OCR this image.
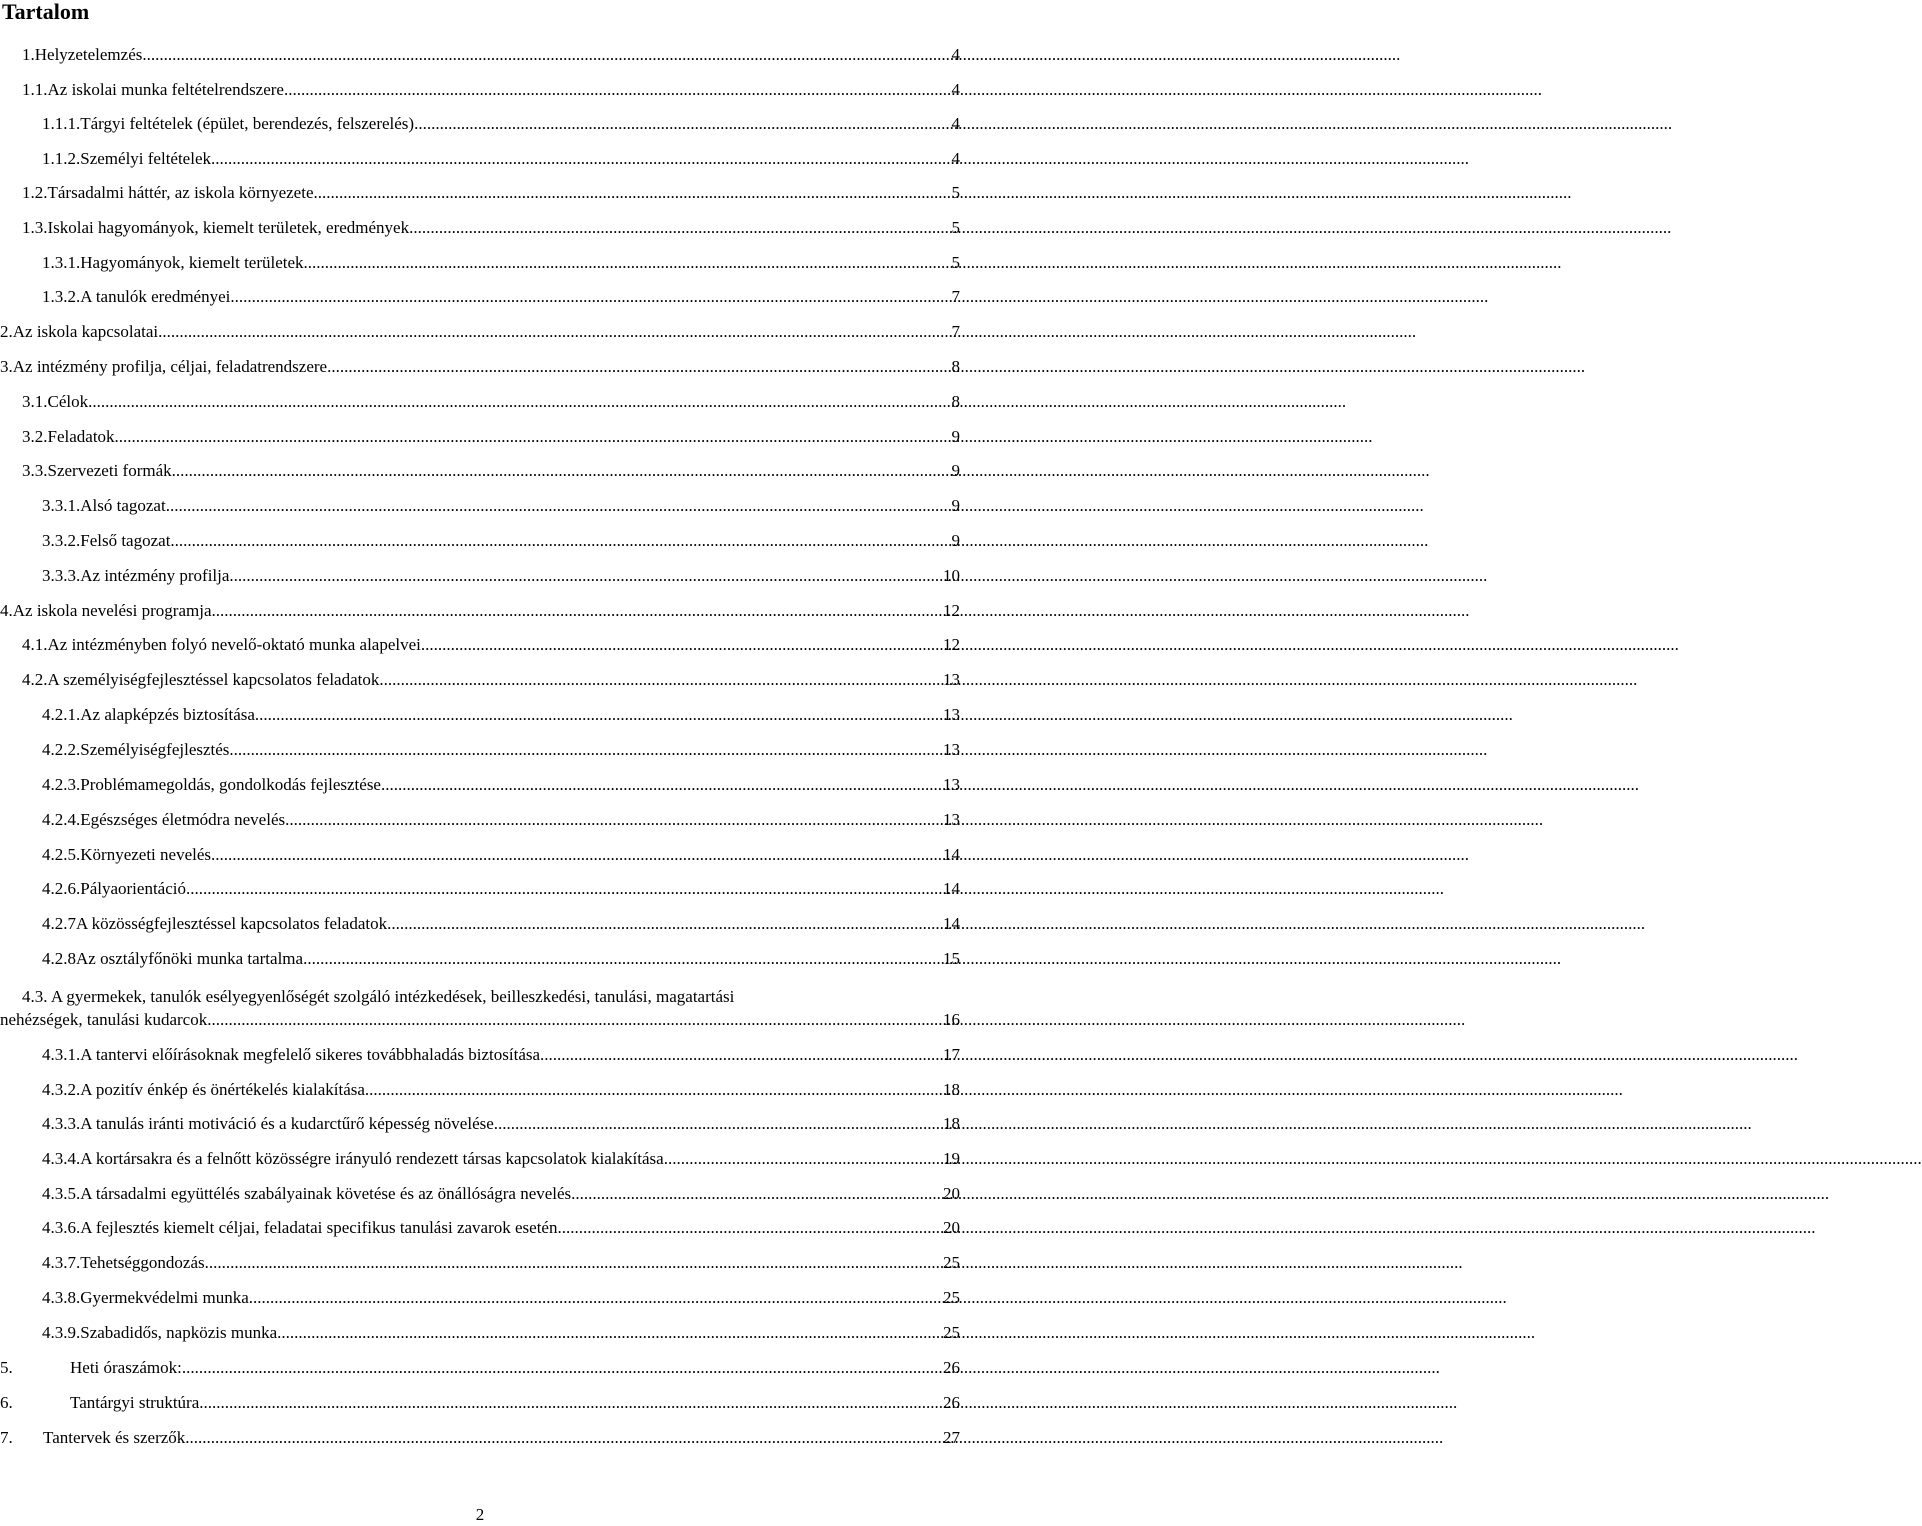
Tartalom
1. Helyzetelemzés .....	4
1.1. Az iskolai munka feltételrendszere .....	4
1.1.1. Tárgyi feltételek (épület, berendezés, felszerelés) .....	4
1.1.2. Személyi feltételek .....	4
1.2. Társadalmi háttér, az iskola környezete .....	5
1.3. Iskolai hagyományok, kiemelt területek, eredmények. .....	5
1.3.1. Hagyományok, kiemelt területek .....	5
1.3.2. A tanulók eredményei .....	7
2. Az iskola kapcsolatai .....	7
3. Az intézmény profilja, céljai, feladatrendszere .....	8
3.1. Célok .....	8
3.2. Feladatok .....	9
3.3. Szervezeti formák .....	9
3.3.1. Alsó tagozat .....	9
3.3.2. Felső tagozat .....	9
3.3.3. Az intézmény profilja .....	10
4. Az iskola nevelési programja .....	12
4.1. Az intézményben folyó nevelő-oktató munka alapelvei .....	12
4.2. A személyiségfejlesztéssel kapcsolatos feladatok .....	13
4.2.1. Az alapképzés biztosítása .....	13
4.2.2. Személyiségfejlesztés .....	13
4.2.3. Problémamegoldás, gondolkodás fejlesztése .....	13
4.2.4. Egészséges életmódra nevelés .....	13
4.2.5. Környezeti nevelés .....	14
4.2.6. Pályaorientáció .....	14
4.2.7 A közösségfejlesztéssel kapcsolatos feladatok .....	14
4.2.8 Az osztályfőnöki munka tartalma .....	15
4.3. A gyermekek, tanulók esélyegyenlőségét szolgáló intézkedések, beilleszkedési, tanulási, magatartási
nehézségek, tanulási kudarcok .....	16
4.3.1. A tantervi előírásoknak megfelelő sikeres továbbhaladás biztosítása .....	17
4.3.2. A pozitív énkép és önértékelés kialakítása .....	18
4.3.3. A tanulás iránti motiváció és a kudarctűrő képesség növelése .....	18
4.3.4. A kortársakra és a felnőtt közösségre irányuló rendezett társas kapcsolatok kialakítása .....	19
4.3.5. A társadalmi együttélés szabályainak követése és az önállóságra nevelés .....	20
4.3.6. A fejlesztés kiemelt céljai, feladatai specifikus tanulási zavarok esetén .....	20
4.3.7. Tehetséggondozás .....	25
4.3.8. Gyermekvédelmi munka .....	25
4.3.9. Szabadidős, napközis munka .....	25
5.	Heti óraszámok: .....	26
6.	Tantárgyi struktúra .....	26
7.	Tantervek és szerzők .....	27
2
